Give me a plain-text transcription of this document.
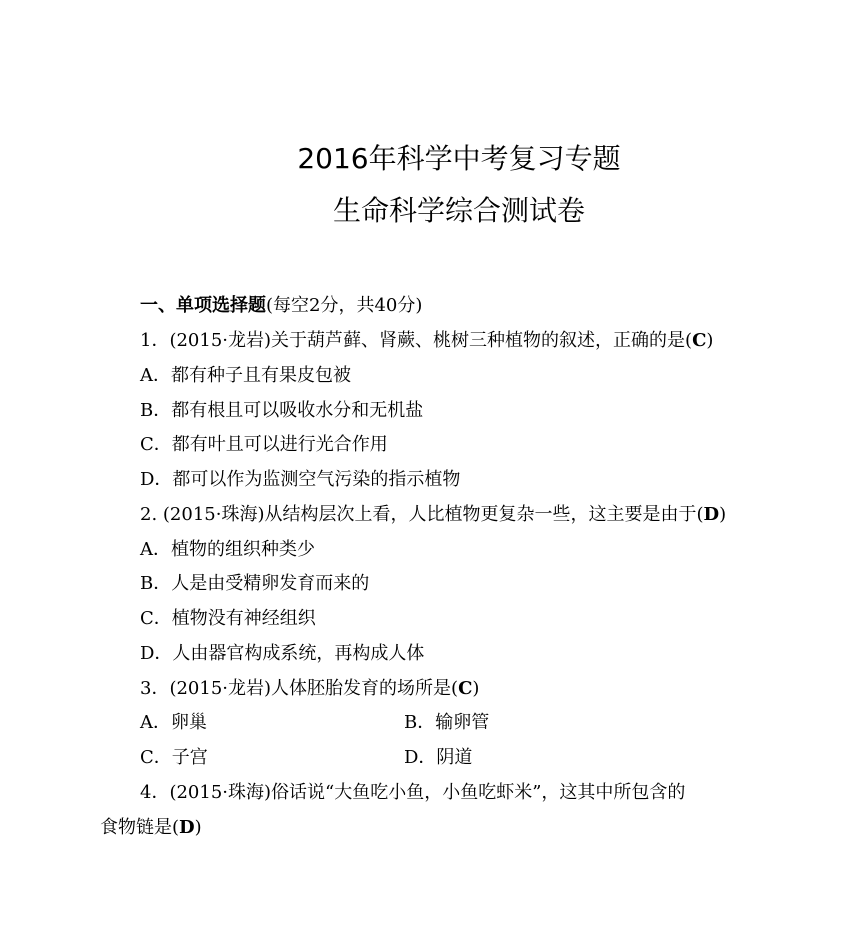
2016年科学中考复习专题
生命科学综合测试卷
一、单项选择题(每空2分，共40分)
1．(2015·龙岩)关于葫芦藓、肾蕨、桃树三种植物的叙述，正确的是(C)
A．都有种子且有果皮包被
B．都有根且可以吸收水分和无机盐
C．都有叶且可以进行光合作用
D．都可以作为监测空气污染的指示植物
2. (2015·珠海)从结构层次上看，人比植物更复杂一些，这主要是由于(D)
A．植物的组织种类少
B．人是由受精卵发育而来的
C．植物没有神经组织
D．人由器官构成系统，再构成人体
3．(2015·龙岩)人体胚胎发育的场所是(C)
A．卵巢	B．输卵管
C．子宫	D．阴道
4．(2015·珠海)俗话说“大鱼吃小鱼，小鱼吃虾米”，这其中所包含的
食物链是(D)
